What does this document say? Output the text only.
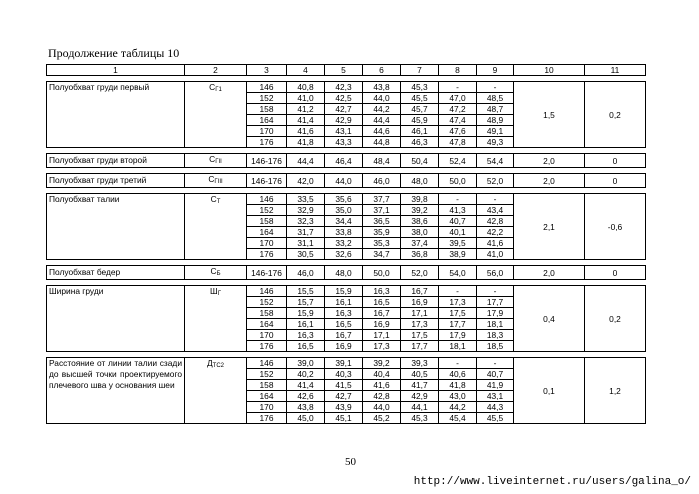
Продолжение таблицы 10
1	2	3	4	5	6	7	8	9	10	11

Полуобхват груди первый	$С_{Г1}$	146	40,8	42,3	43,8	45,3	-	-	1,5	0,2
		152	41,0	42,5	44,0	45,5	47,0	48,5		
		158	41,2	42,7	44,2	45,7	47,2	48,7		
		164	41,4	42,9	44,4	45,9	47,4	48,9		
		170	41,6	43,1	44,6	46,1	47,6	49,1		
		176	41,8	43,3	44,8	46,3	47,8	49,3		

Полуобхват груди второй	$С_{ГII}$	146-176	44,4	46,4	48,4	50,4	52,4	54,4	2,0	0

Полуобхват груди третий	$С_{ГIII}$	146-176	42,0	44,0	46,0	48,0	50,0	52,0	2,0	0

Полуобхват талии	$С_Т$	146	33,5	35,6	37,7	39,8	-	-	2,1	-0,6
		152	32,9	35,0	37,1	39,2	41,3	43,4		
		158	32,3	34,4	36,5	38,6	40,7	42,8		
		164	31,7	33,8	35,9	38,0	40,1	42,2		
		170	31,1	33,2	35,3	37,4	39,5	41,6		
		176	30,5	32,6	34,7	36,8	38,9	41,0		

Полуобхват бедер	$С_Б$	146-176	46,0	48,0	50,0	52,0	54,0	56,0	2,0	0

Ширина груди	$Ш_Г$	146	15,5	15,9	16,3	16,7	-	-	0,4	0,2
		152	15,7	16,1	16,5	16,9	17,3	17,7		
		158	15,9	16,3	16,7	17,1	17,5	17,9		
		164	16,1	16,5	16,9	17,3	17,7	18,1		
		170	16,3	16,7	17,1	17,5	17,9	18,3		
		176	16,5	16,9	17,3	17,7	18,1	18,5		

Расстояние от линии талии сзади до высшей точки проектируемого плечевого шва у основания шеи	$Д_{ТС2}$	146	39,0	39,1	39,2	39,3	-	-	0,1	1,2
		152	40,2	40,3	40,4	40,5	40,6	40,7		
		158	41,4	41,5	41,6	41,7	41,8	41,9		
		164	42,6	42,7	42,8	42,9	43,0	43,1		
		170	43,8	43,9	44,0	44,1	44,2	44,3		
		176	45,0	45,1	45,2	45,3	45,4	45,5		
50
http://www.liveinternet.ru/users/galina_o/
